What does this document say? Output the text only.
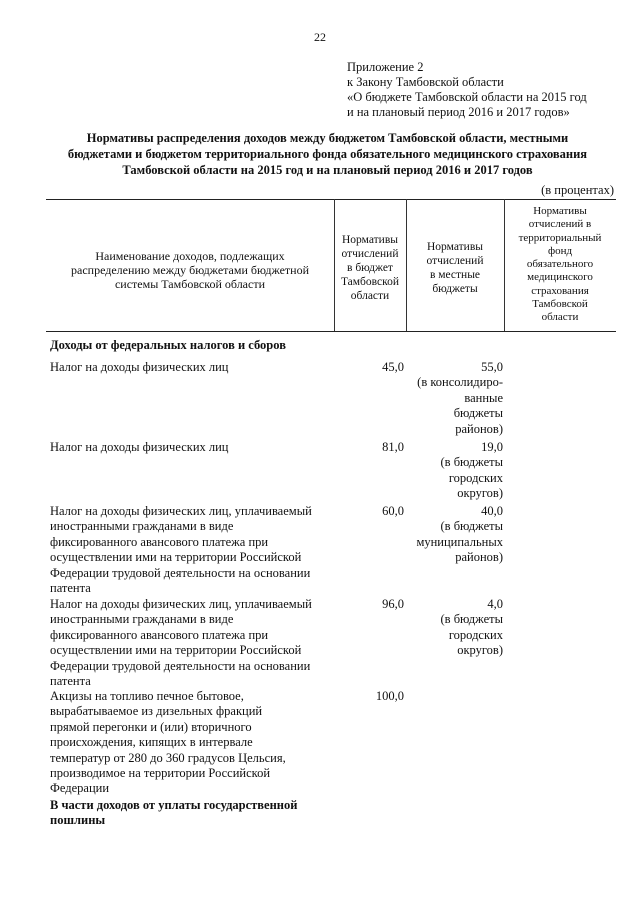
22
Приложение 2
к Закону Тамбовской области
«О бюджете Тамбовской области на 2015 год
и на плановый период 2016 и 2017 годов»
Нормативы распределения доходов между бюджетом Тамбовской области, местными
бюджетами и бюджетом территориального фонда обязательного медицинского страхования
Тамбовской области на 2015 год и на плановый период 2016 и 2017 годов
(в процентах)
Наименование доходов, подлежащих
распределению между бюджетами бюджетной
системы Тамбовской области
Нормативы
отчислений
в бюджет
Тамбовской
области
Нормативы
отчислений
в местные
бюджеты
Нормативы
отчислений в
территориальный
фонд
обязательного
медицинского
страхования
Тамбовской
области
Доходы от федеральных налогов и сборов
Налог на доходы физических лиц	45,0	55,0
(в консолидиро-
ванные
бюджеты
районов)
Налог на доходы физических лиц	81,0	19,0
(в бюджеты
городских
округов)
Налог на доходы физических лиц, уплачиваемый
иностранными гражданами в виде
фиксированного авансового платежа при
осуществлении ими на территории Российской
Федерации трудовой деятельности на основании
патента
60,0	40,0
(в бюджеты
муниципальных
районов)
Налог на доходы физических лиц, уплачиваемый
иностранными гражданами в виде
фиксированного авансового платежа при
осуществлении ими на территории Российской
Федерации трудовой деятельности на основании
патента
96,0	4,0
(в бюджеты
городских
округов)
Акцизы на топливо печное бытовое,
вырабатываемое из дизельных фракций
прямой перегонки и (или) вторичного
происхождения, кипящих в интервале
температур от 280 до 360 градусов Цельсия,
производимое на территории Российской
Федерации
100,0
В части доходов от уплаты государственной
пошлины
